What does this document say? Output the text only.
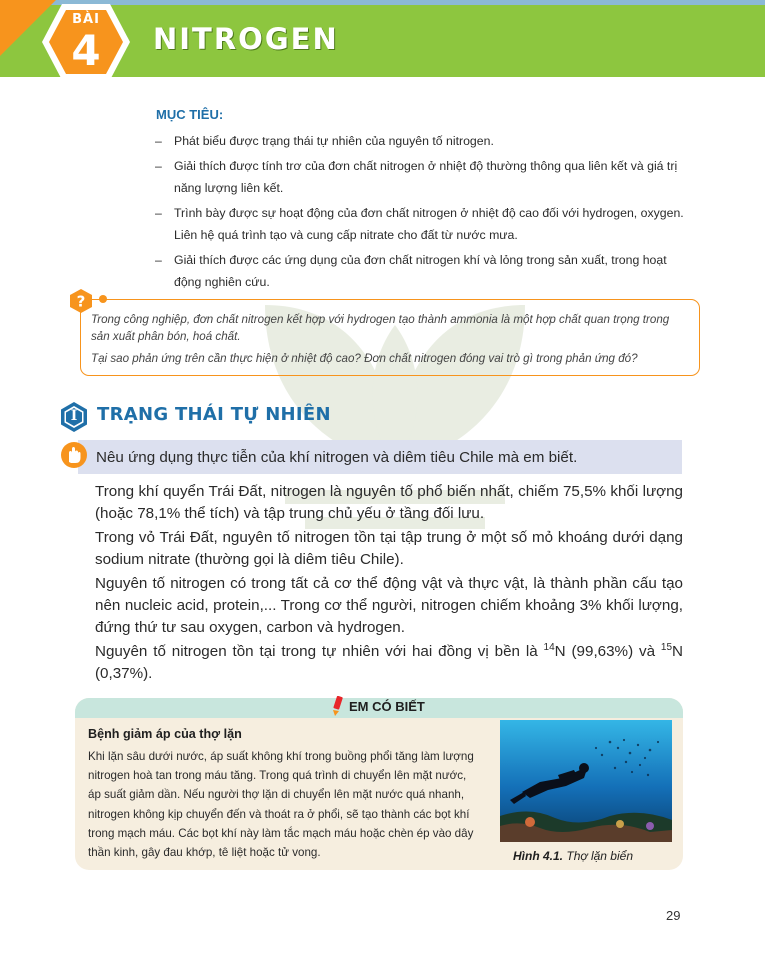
BÀI
4	NITROGEN
MỤC TIÊU:
– Phát biểu được trạng thái tự nhiên của nguyên tố nitrogen.
– Giải thích được tính trơ của đơn chất nitrogen ở nhiệt độ thường thông qua liên kết và giá trị năng lượng liên kết.
– Trình bày được sự hoạt động của đơn chất nitrogen ở nhiệt độ cao đối với hydrogen, oxygen. Liên hệ quá trình tạo và cung cấp nitrate cho đất từ nước mưa.
– Giải thích được các ứng dụng của đơn chất nitrogen khí và lỏng trong sản xuất, trong hoạt động nghiên cứu.

Trong công nghiệp, đơn chất nitrogen kết hợp với hydrogen tạo thành ammonia là một hợp chất quan trọng trong sản xuất phân bón, hoá chất.

Tại sao phản ứng trên cần thực hiện ở nhiệt độ cao? Đơn chất nitrogen đóng vai trò gì trong phản ứng đó?

?
I	TRẠNG THÁI TỰ NHIÊN
Nêu ứng dụng thực tiễn của khí nitrogen và diêm tiêu Chile mà em biết.

Trong khí quyển Trái Đất, nitrogen là nguyên tố phổ biến nhất, chiếm 75,5% khối lượng (hoặc 78,1% thể tích) và tập trung chủ yếu ở tầng đối lưu.

Trong vỏ Trái Đất, nguyên tố nitrogen tồn tại tập trung ở một số mỏ khoáng dưới dạng sodium nitrate (thường gọi là diêm tiêu Chile).

Nguyên tố nitrogen có trong tất cả cơ thể động vật và thực vật, là thành phần cấu tạo nên nucleic acid, protein,... Trong cơ thể người, nitrogen chiếm khoảng 3% khối lượng, đứng thứ tư sau oxygen, carbon và hydrogen.

Nguyên tố nitrogen tồn tại trong tự nhiên với hai đồng vị bền là $^{14}$N (99,63%) và $^{15}$N (0,37%).

EM CÓ BIẾT
Bệnh giảm áp của thợ lặn
Khi lặn sâu dưới nước, áp suất không khí trong buồng phổi tăng làm lượng nitrogen hoà tan trong máu tăng. Trong quá trình di chuyển lên mặt nước, áp suất giảm dần. Nếu người thợ lặn di chuyển lên mặt nước quá nhanh, nitrogen không kịp chuyển đến và thoát ra ở phổi, sẽ tạo thành các bọt khí trong mạch máu. Các bọt khí này làm tắc mạch máu hoặc chèn ép vào dây thần kinh, gây đau khớp, tê liệt hoặc tử vong.	Hình 4.1. Thợ lặn biển
29
